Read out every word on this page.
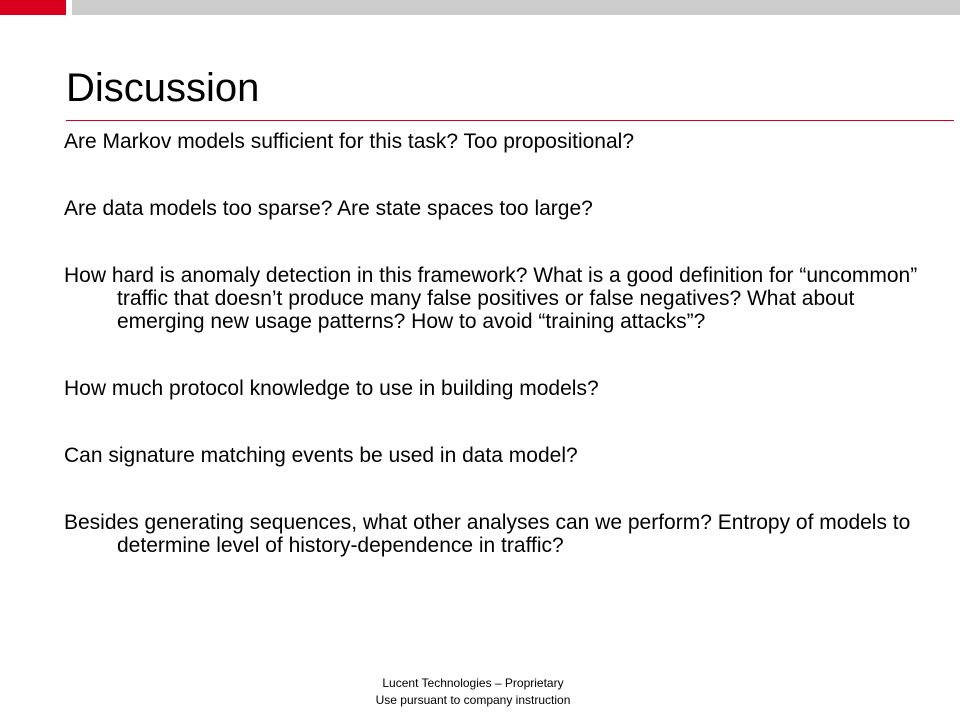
Discussion
Are Markov models sufficient for this task? Too propositional?
Are data models too sparse? Are state spaces too large?
How hard is anomaly detection in this framework? What is a good definition for “uncommon” traffic that doesn’t produce many false positives or false negatives? What about emerging new usage patterns? How to avoid “training attacks”?
How much protocol knowledge to use in building models?
Can signature matching events be used in data model?
Besides generating sequences, what other analyses can we perform? Entropy of models to determine level of history-dependence in traffic?
Lucent Technologies – Proprietary
Use pursuant to company instruction
